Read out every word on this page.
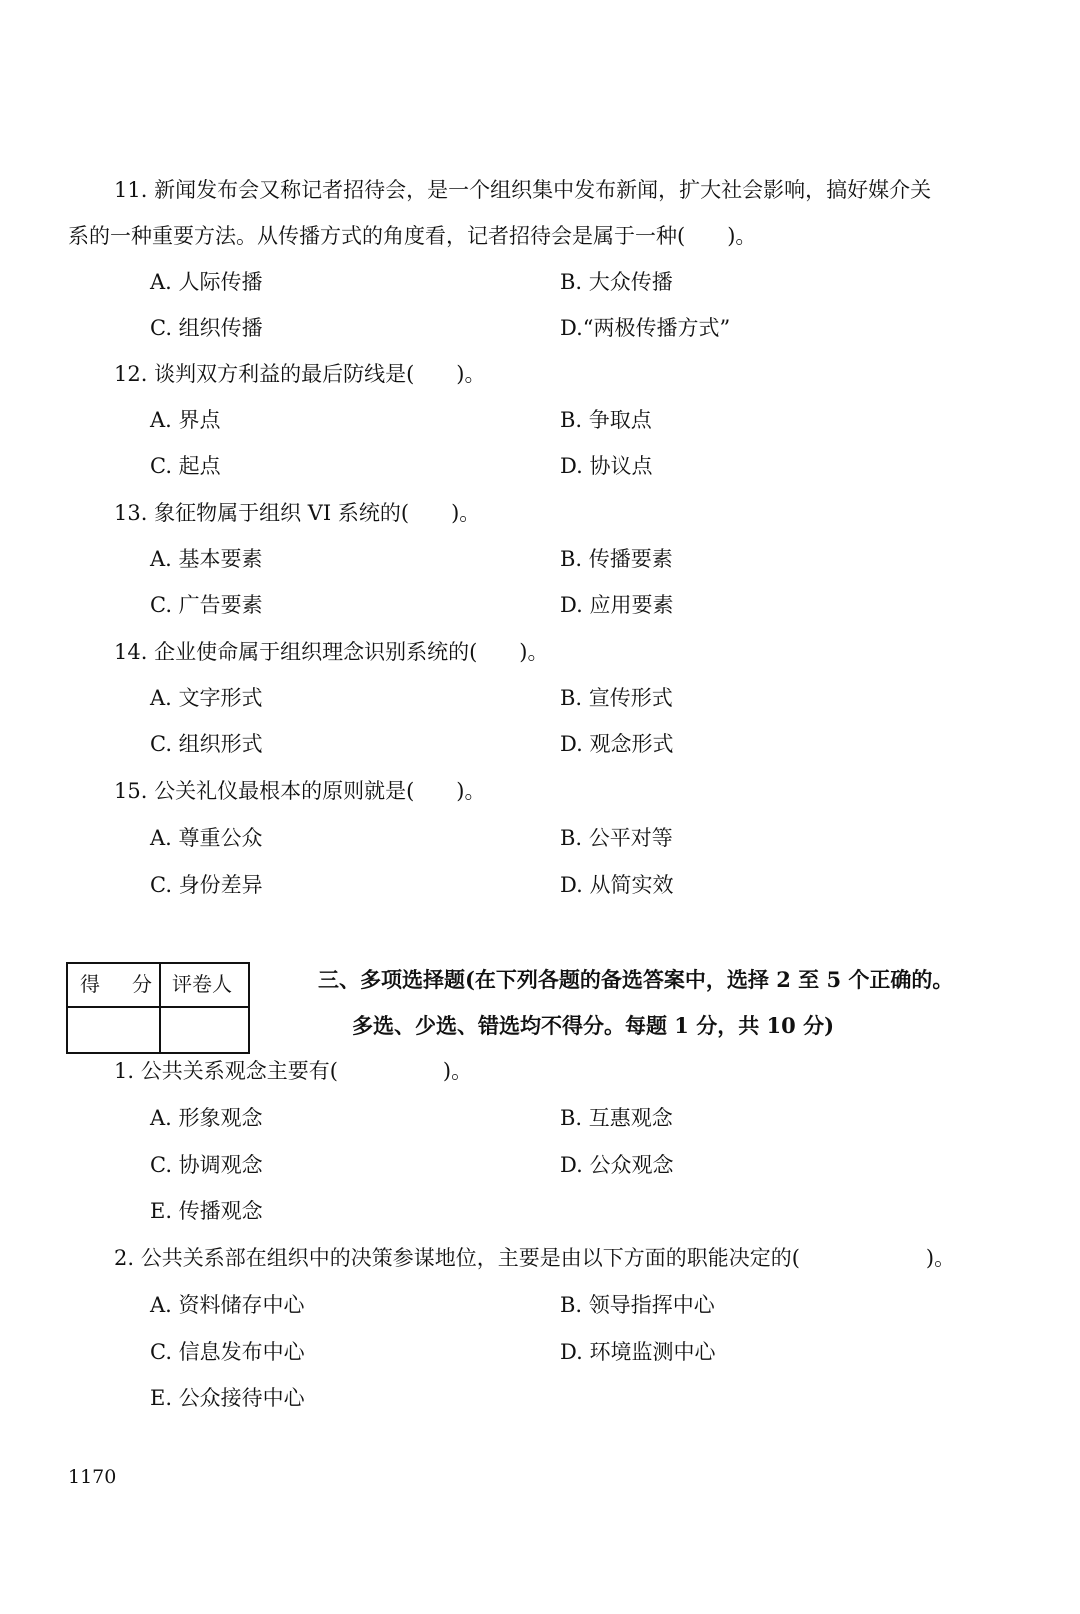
11. 新闻发布会又称记者招待会，是一个组织集中发布新闻，扩大社会影响，搞好媒介关
系的一种重要方法。从传播方式的角度看，记者招待会是属于一种(　　)。
A. 人际传播	B. 大众传播
C. 组织传播	D.“两极传播方式”
12. 谈判双方利益的最后防线是(　　)。
A. 界点	B. 争取点
C. 起点	D. 协议点
13. 象征物属于组织 VI 系统的(　　)。
A. 基本要素	B. 传播要素
C. 广告要素	D. 应用要素
14. 企业使命属于组织理念识别系统的(　　)。
A. 文字形式	B. 宣传形式
C. 组织形式	D. 观念形式
15. 公关礼仪最根本的原则就是(　　)。
A. 尊重公众	B. 公平对等
C. 身份差异	D. 从简实效
得　分 评卷人	三、多项选择题(在下列各题的备选答案中，选择 2 至 5 个正确的。
多选、少选、错选均不得分。每题 1 分，共 10 分)
1. 公共关系观念主要有(　　　　　)。
A. 形象观念	B. 互惠观念
C. 协调观念	D. 公众观念
E. 传播观念
2. 公共关系部在组织中的决策参谋地位，主要是由以下方面的职能决定的(　　　　　　)。
A. 资料储存中心	B. 领导指挥中心
C. 信息发布中心	D. 环境监测中心
E. 公众接待中心
1170
